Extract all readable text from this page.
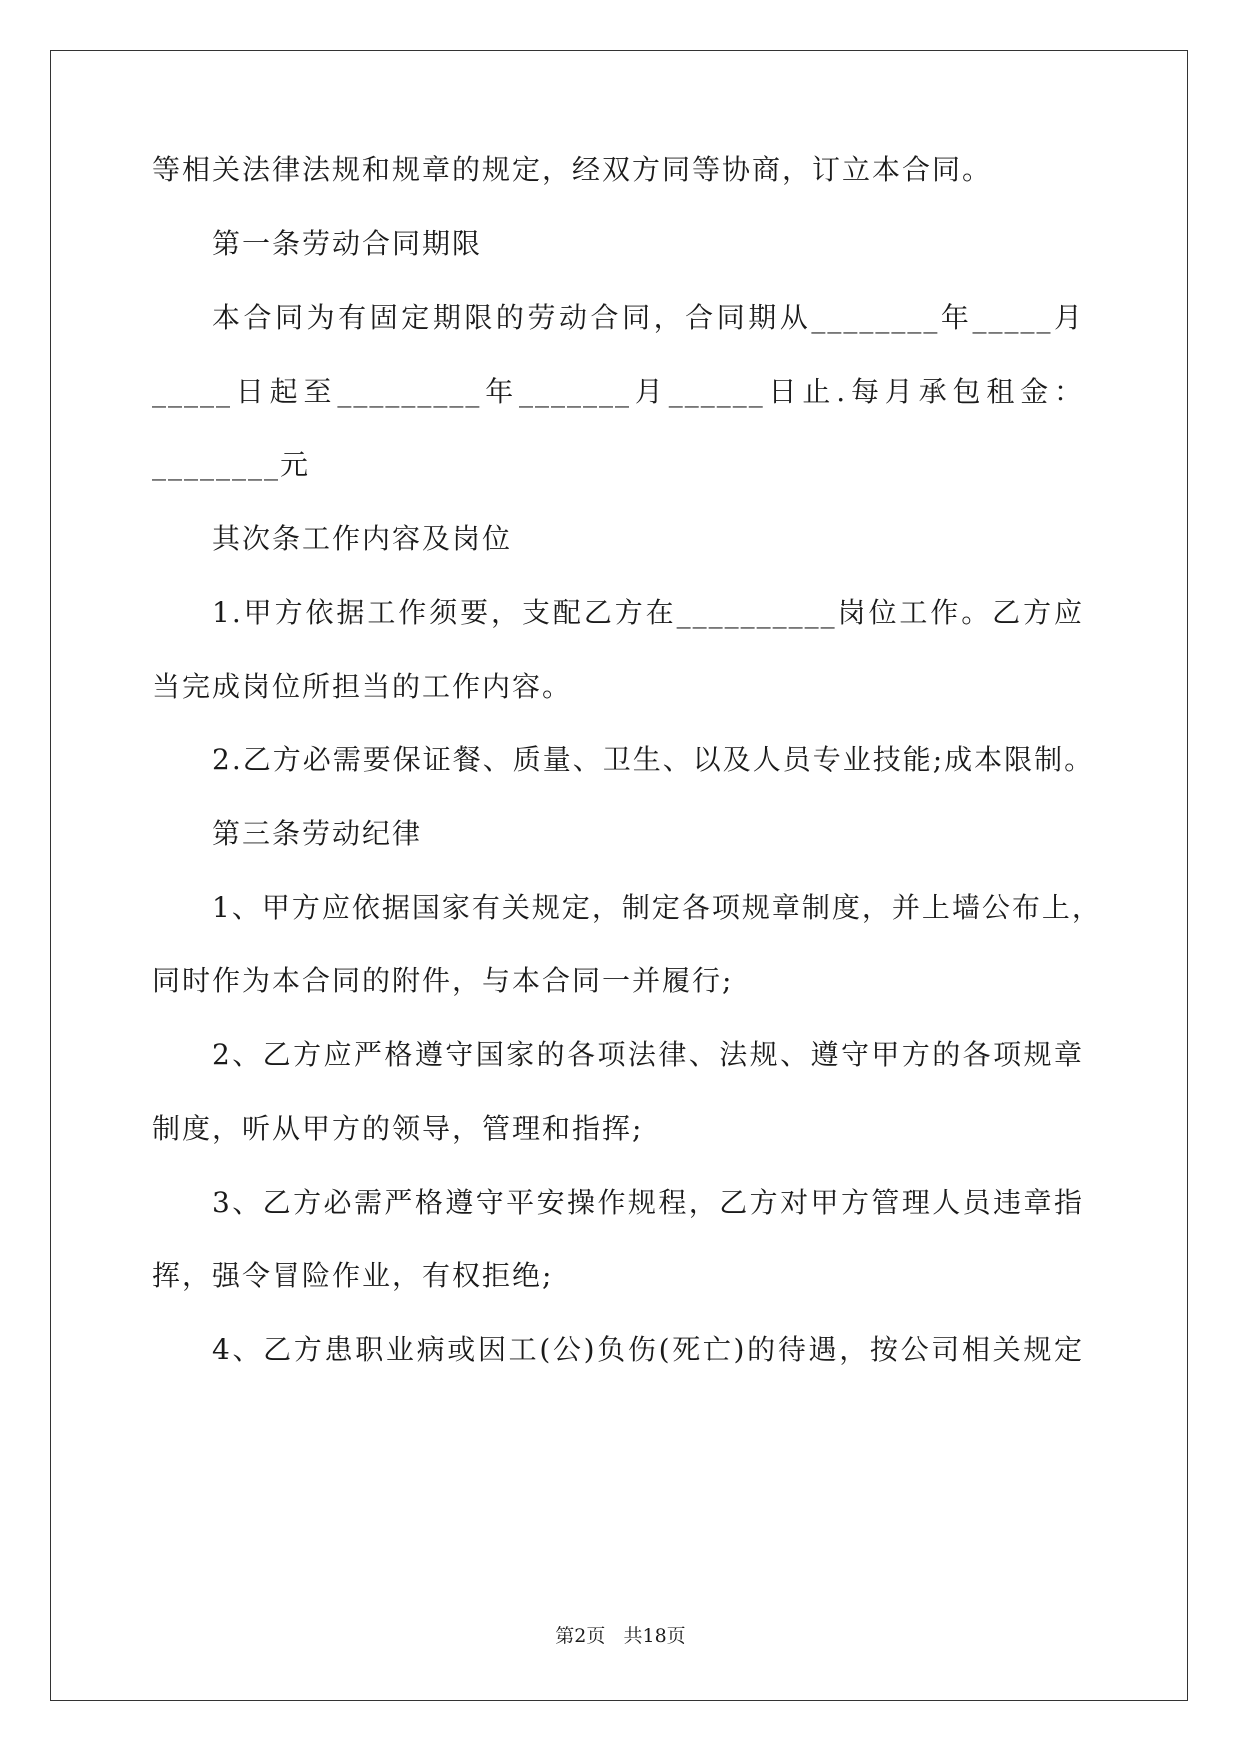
等相关法律法规和规章的规定，经双方同等协商，订立本合同。
第一条劳动合同期限
本合同为有固定期限的劳动合同，合同期从________年_____月
_____日起至_________年_______月______日止.每月承包租金：
________元
其次条工作内容及岗位
1.甲方依据工作须要，支配乙方在__________岗位工作。乙方应
当完成岗位所担当的工作内容。
2.乙方必需要保证餐、质量、卫生、以及人员专业技能;成本限制。
第三条劳动纪律
1、甲方应依据国家有关规定，制定各项规章制度，并上墙公布上，
同时作为本合同的附件，与本合同一并履行;
2、乙方应严格遵守国家的各项法律、法规、遵守甲方的各项规章
制度，听从甲方的领导，管理和指挥;
3、乙方必需严格遵守平安操作规程，乙方对甲方管理人员违章指
挥，强令冒险作业，有权拒绝;
4、乙方患职业病或因工(公)负伤(死亡)的待遇，按公司相关规定
第2页   共18页
